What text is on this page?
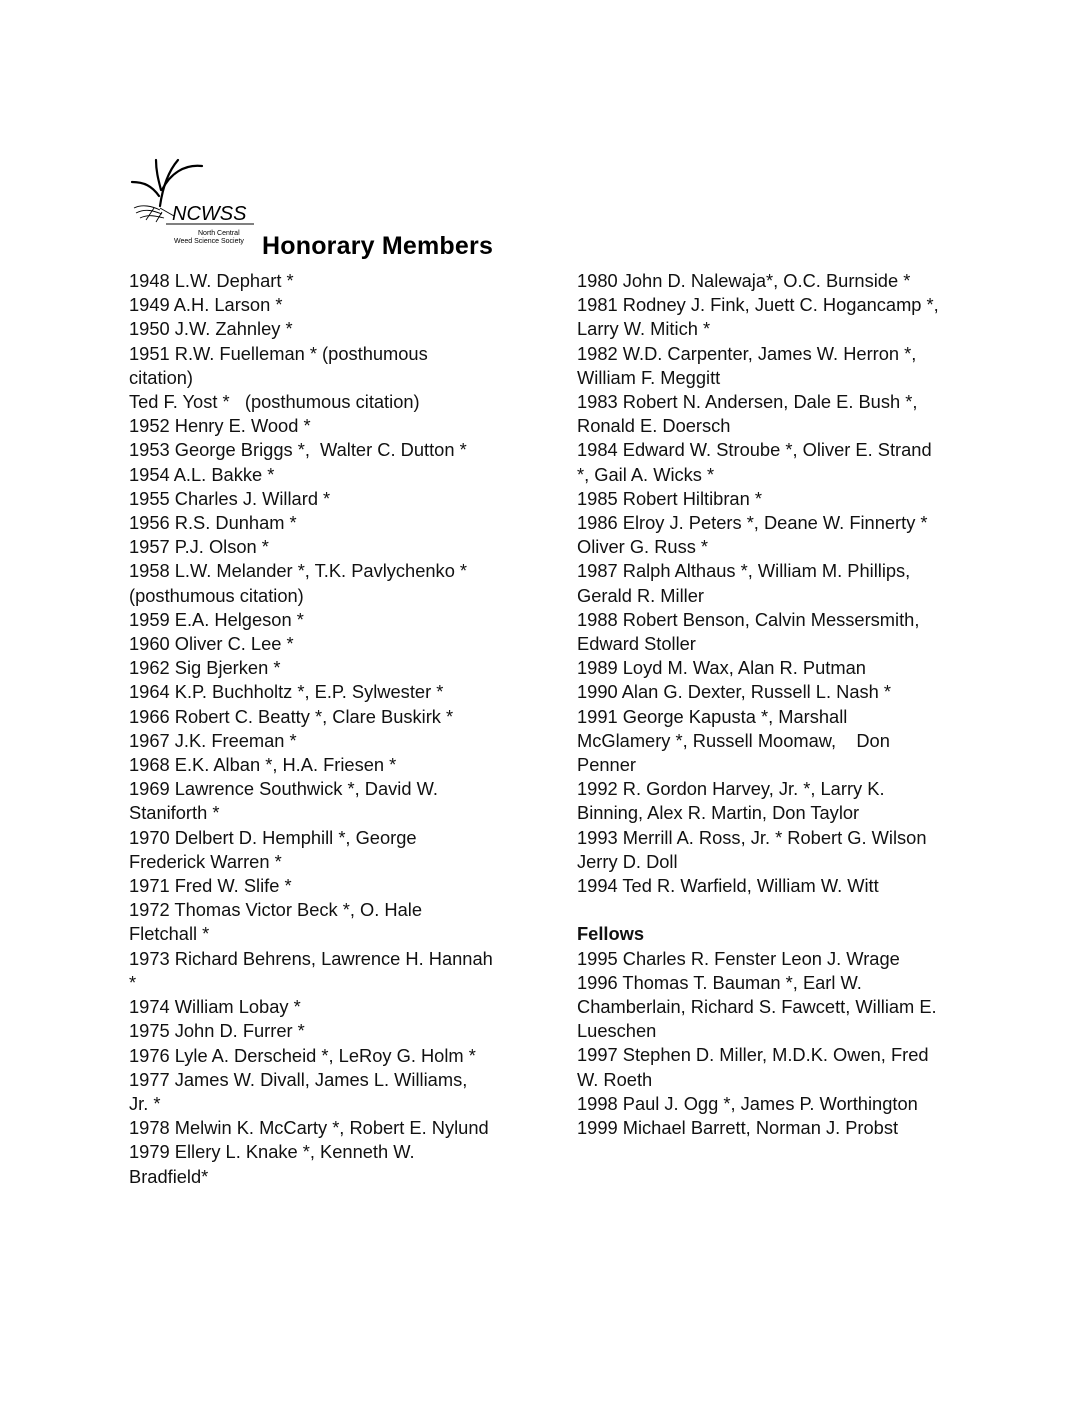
NCWSS
North Central
Weed Science Society Honorary Members
1948 L.W. Dephart *
1949 A.H. Larson *
1950 J.W. Zahnley *
1951 R.W. Fuelleman * (posthumous
citation)
Ted F. Yost *   (posthumous citation)
1952 Henry E. Wood *
1953 George Briggs *,  Walter C. Dutton *
1954 A.L. Bakke *
1955 Charles J. Willard *
1956 R.S. Dunham *
1957 P.J. Olson *
1958 L.W. Melander *, T.K. Pavlychenko *
(posthumous citation)
1959 E.A. Helgeson *
1960 Oliver C. Lee *
1962 Sig Bjerken *
1964 K.P. Buchholtz *, E.P. Sylwester *
1966 Robert C. Beatty *, Clare Buskirk *
1967 J.K. Freeman *
1968 E.K. Alban *, H.A. Friesen *
1969 Lawrence Southwick *, David W.
Staniforth *
1970 Delbert D. Hemphill *, George
Frederick Warren *
1971 Fred W. Slife *
1972 Thomas Victor Beck *, O. Hale
Fletchall *
1973 Richard Behrens, Lawrence H. Hannah
*
1974 William Lobay *
1975 John D. Furrer *
1976 Lyle A. Derscheid *, LeRoy G. Holm *
1977 James W. Divall, James L. Williams,
Jr. *
1978 Melwin K. McCarty *, Robert E. Nylund
1979 Ellery L. Knake *, Kenneth W.
Bradfield*
1980 John D. Nalewaja*, O.C. Burnside *
1981 Rodney J. Fink, Juett C. Hogancamp *,
Larry W. Mitich *
1982 W.D. Carpenter, James W. Herron *,
William F. Meggitt
1983 Robert N. Andersen, Dale E. Bush *,
Ronald E. Doersch
1984 Edward W. Stroube *, Oliver E. Strand
*, Gail A. Wicks *
1985 Robert Hiltibran *
1986 Elroy J. Peters *, Deane W. Finnerty *
Oliver G. Russ *
1987 Ralph Althaus *, William M. Phillips,
Gerald R. Miller
1988 Robert Benson, Calvin Messersmith,
Edward Stoller
1989 Loyd M. Wax, Alan R. Putman
1990 Alan G. Dexter, Russell L. Nash *
1991 George Kapusta *, Marshall
McGlamery *, Russell Moomaw,    Don
Penner
1992 R. Gordon Harvey, Jr. *, Larry K.
Binning, Alex R. Martin, Don Taylor
1993 Merrill A. Ross, Jr. * Robert G. Wilson
Jerry D. Doll
1994 Ted R. Warfield, William W. Witt
Fellows
1995 Charles R. Fenster Leon J. Wrage
1996 Thomas T. Bauman *, Earl W.
Chamberlain, Richard S. Fawcett, William E.
Lueschen
1997 Stephen D. Miller, M.D.K. Owen, Fred
W. Roeth
1998 Paul J. Ogg *, James P. Worthington
1999 Michael Barrett, Norman J. Probst
